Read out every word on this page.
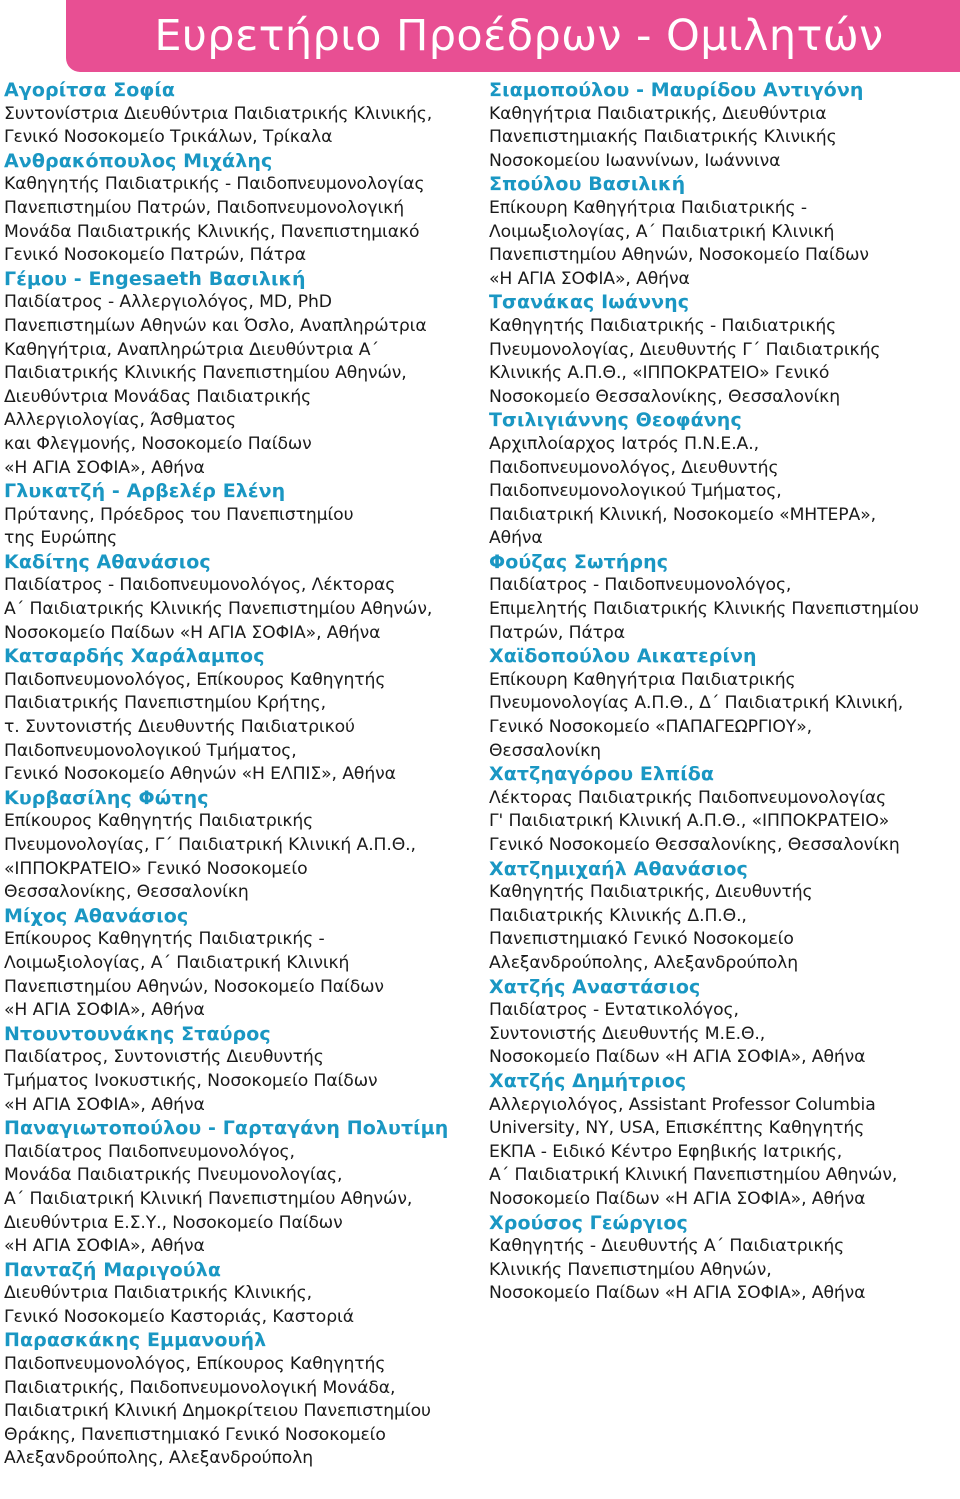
Ευρετήριο Προέδρων - Ομιλητών
Αγορίτσα Σοφία
Συντονίστρια Διευθύντρια Παιδιατρικής Κλινικής,
Γενικό Νοσοκομείο Τρικάλων, Τρίκαλα
Ανθρακόπουλος Μιχάλης
Καθηγητής Παιδιατρικής - Παιδοπνευμονολογίας
Πανεπιστημίου Πατρών, Παιδοπνευμονολογική
Μονάδα Παιδιατρικής Κλινικής, Πανεπιστημιακό
Γενικό Νοσοκομείο Πατρών, Πάτρα
Γέμου - Engesaeth Βασιλική
Παιδίατρος - Αλλεργιολόγος, MD, PhD
Πανεπιστημίων Αθηνών και Όσλο, Αναπληρώτρια
Καθηγήτρια, Αναπληρώτρια Διευθύντρια Α΄
Παιδιατρικής Κλινικής Πανεπιστημίου Αθηνών,
Διευθύντρια Μονάδας Παιδιατρικής
Αλλεργιολογίας, Άσθματος
και Φλεγμονής, Νοσοκομείο Παίδων
«Η ΑΓΙΑ ΣΟΦΙΑ», Αθήνα
Γλυκατζή - Αρβελέρ Ελένη
Πρύτανης, Πρόεδρος του Πανεπιστημίου
της Ευρώπης
Καδίτης Αθανάσιος
Παιδίατρος - Παιδοπνευμονολόγος, Λέκτορας
Α΄ Παιδιατρικής Κλινικής Πανεπιστημίου Αθηνών,
Νοσοκομείο Παίδων «Η ΑΓΙΑ ΣΟΦΙΑ», Αθήνα
Κατσαρδής Χαράλαμπος
Παιδοπνευμονολόγος, Επίκουρος Καθηγητής
Παιδιατρικής Πανεπιστημίου Κρήτης,
τ. Συντονιστής Διευθυντής Παιδιατρικού
Παιδοπνευμονολογικού Τμήματος,
Γενικό Νοσοκομείο Αθηνών «Η ΕΛΠΙΣ», Αθήνα
Κυρβασίλης Φώτης
Επίκουρος Καθηγητής Παιδιατρικής
Πνευμονολογίας, Γ΄ Παιδιατρική Κλινική Α.Π.Θ.,
«ΙΠΠΟΚΡΑΤΕΙΟ» Γενικό Νοσοκομείο
Θεσσαλονίκης, Θεσσαλονίκη
Μίχος Αθανάσιος
Επίκουρος Καθηγητής Παιδιατρικής -
Λοιμωξιολογίας, Α΄ Παιδιατρική Κλινική
Πανεπιστημίου Αθηνών, Νοσοκομείο Παίδων
«Η ΑΓΙΑ ΣΟΦΙΑ», Αθήνα
Ντουντουνάκης Σταύρος
Παιδίατρος, Συντονιστής Διευθυντής
Τμήματος Ινοκυστικής, Νοσοκομείο Παίδων
«Η ΑΓΙΑ ΣΟΦΙΑ», Αθήνα
Παναγιωτοπούλου - Γαρταγάνη Πολυτίμη
Παιδίατρος Παιδοπνευμονολόγος,
Μονάδα Παιδιατρικής Πνευμονολογίας,
Α΄ Παιδιατρική Κλινική Πανεπιστημίου Αθηνών,
Διευθύντρια Ε.Σ.Υ., Νοσοκομείο Παίδων
«Η ΑΓΙΑ ΣΟΦΙΑ», Αθήνα
Πανταζή Μαριγούλα
Διευθύντρια Παιδιατρικής Κλινικής,
Γενικό Νοσοκομείο Καστοριάς, Καστοριά
Παρασκάκης Εμμανουήλ
Παιδοπνευμονολόγος, Επίκουρος Καθηγητής
Παιδιατρικής, Παιδοπνευμονολογική Μονάδα,
Παιδιατρική Κλινική Δημοκρίτειου Πανεπιστημίου
Θράκης, Πανεπιστημιακό Γενικό Νοσοκομείο
Αλεξανδρούπολης, Αλεξανδρούπολη
Σιαμοπούλου - Μαυρίδου Αντιγόνη
Καθηγήτρια Παιδιατρικής, Διευθύντρια
Πανεπιστημιακής Παιδιατρικής Κλινικής
Νοσοκομείου Ιωαννίνων, Ιωάννινα
Σπούλου Βασιλική
Επίκουρη Καθηγήτρια Παιδιατρικής -
Λοιμωξιολογίας, Α΄ Παιδιατρική Κλινική
Πανεπιστημίου Αθηνών, Νοσοκομείο Παίδων
«Η ΑΓΙΑ ΣΟΦΙΑ», Αθήνα
Τσανάκας Ιωάννης
Καθηγητής Παιδιατρικής - Παιδιατρικής
Πνευμονολογίας, Διευθυντής Γ΄ Παιδιατρικής
Κλινικής Α.Π.Θ., «ΙΠΠΟΚΡΑΤΕΙΟ» Γενικό
Νοσοκομείο Θεσσαλονίκης, Θεσσαλονίκη
Τσιλιγιάννης Θεοφάνης
Αρχιπλοίαρχος Ιατρός Π.Ν.Ε.Α.,
Παιδοπνευμονολόγος, Διευθυντής
Παιδοπνευμονολογικού Τμήματος,
Παιδιατρική Κλινική, Νοσοκομείο «ΜΗΤΕΡΑ»,
Αθήνα
Φούζας Σωτήρης
Παιδίατρος - Παιδοπνευμονολόγος,
Επιμελητής Παιδιατρικής Κλινικής Πανεπιστημίου
Πατρών, Πάτρα
Χαϊδοπούλου Αικατερίνη
Επίκουρη Καθηγήτρια Παιδιατρικής
Πνευμονολογίας Α.Π.Θ., Δ΄ Παιδιατρική Κλινική,
Γενικό Νοσοκομείο «ΠΑΠΑΓΕΩΡΓΙΟΥ»,
Θεσσαλονίκη
Χατζηαγόρου Ελπίδα
Λέκτορας Παιδιατρικής Παιδοπνευμονολογίας
Γ' Παιδιατρική Κλινική Α.Π.Θ., «ΙΠΠΟΚΡΑΤΕΙΟ»
Γενικό Νοσοκομείο Θεσσαλονίκης, Θεσσαλονίκη
Χατζημιχαήλ Αθανάσιος
Καθηγητής Παιδιατρικής, Διευθυντής
Παιδιατρικής Κλινικής Δ.Π.Θ.,
Πανεπιστημιακό Γενικό Νοσοκομείο
Αλεξανδρούπολης, Αλεξανδρούπολη
Χατζής Αναστάσιος
Παιδίατρος - Εντατικολόγος,
Συντονιστής Διευθυντής Μ.Ε.Θ.,
Νοσοκομείο Παίδων «Η ΑΓΙΑ ΣΟΦΙΑ», Αθήνα
Χατζής Δημήτριος
Αλλεργιολόγος, Assistant Professor Columbia
University, NY, USA, Επισκέπτης Καθηγητής
ΕΚΠΑ - Ειδικό Κέντρο Εφηβικής Ιατρικής,
Α΄ Παιδιατρική Κλινική Πανεπιστημίου Αθηνών,
Νοσοκομείο Παίδων «Η ΑΓΙΑ ΣΟΦΙΑ», Αθήνα
Χρούσος Γεώργιος
Καθηγητής - Διευθυντής Α΄ Παιδιατρικής
Κλινικής Πανεπιστημίου Αθηνών,
Νοσοκομείο Παίδων «Η ΑΓΙΑ ΣΟΦΙΑ», Αθήνα
